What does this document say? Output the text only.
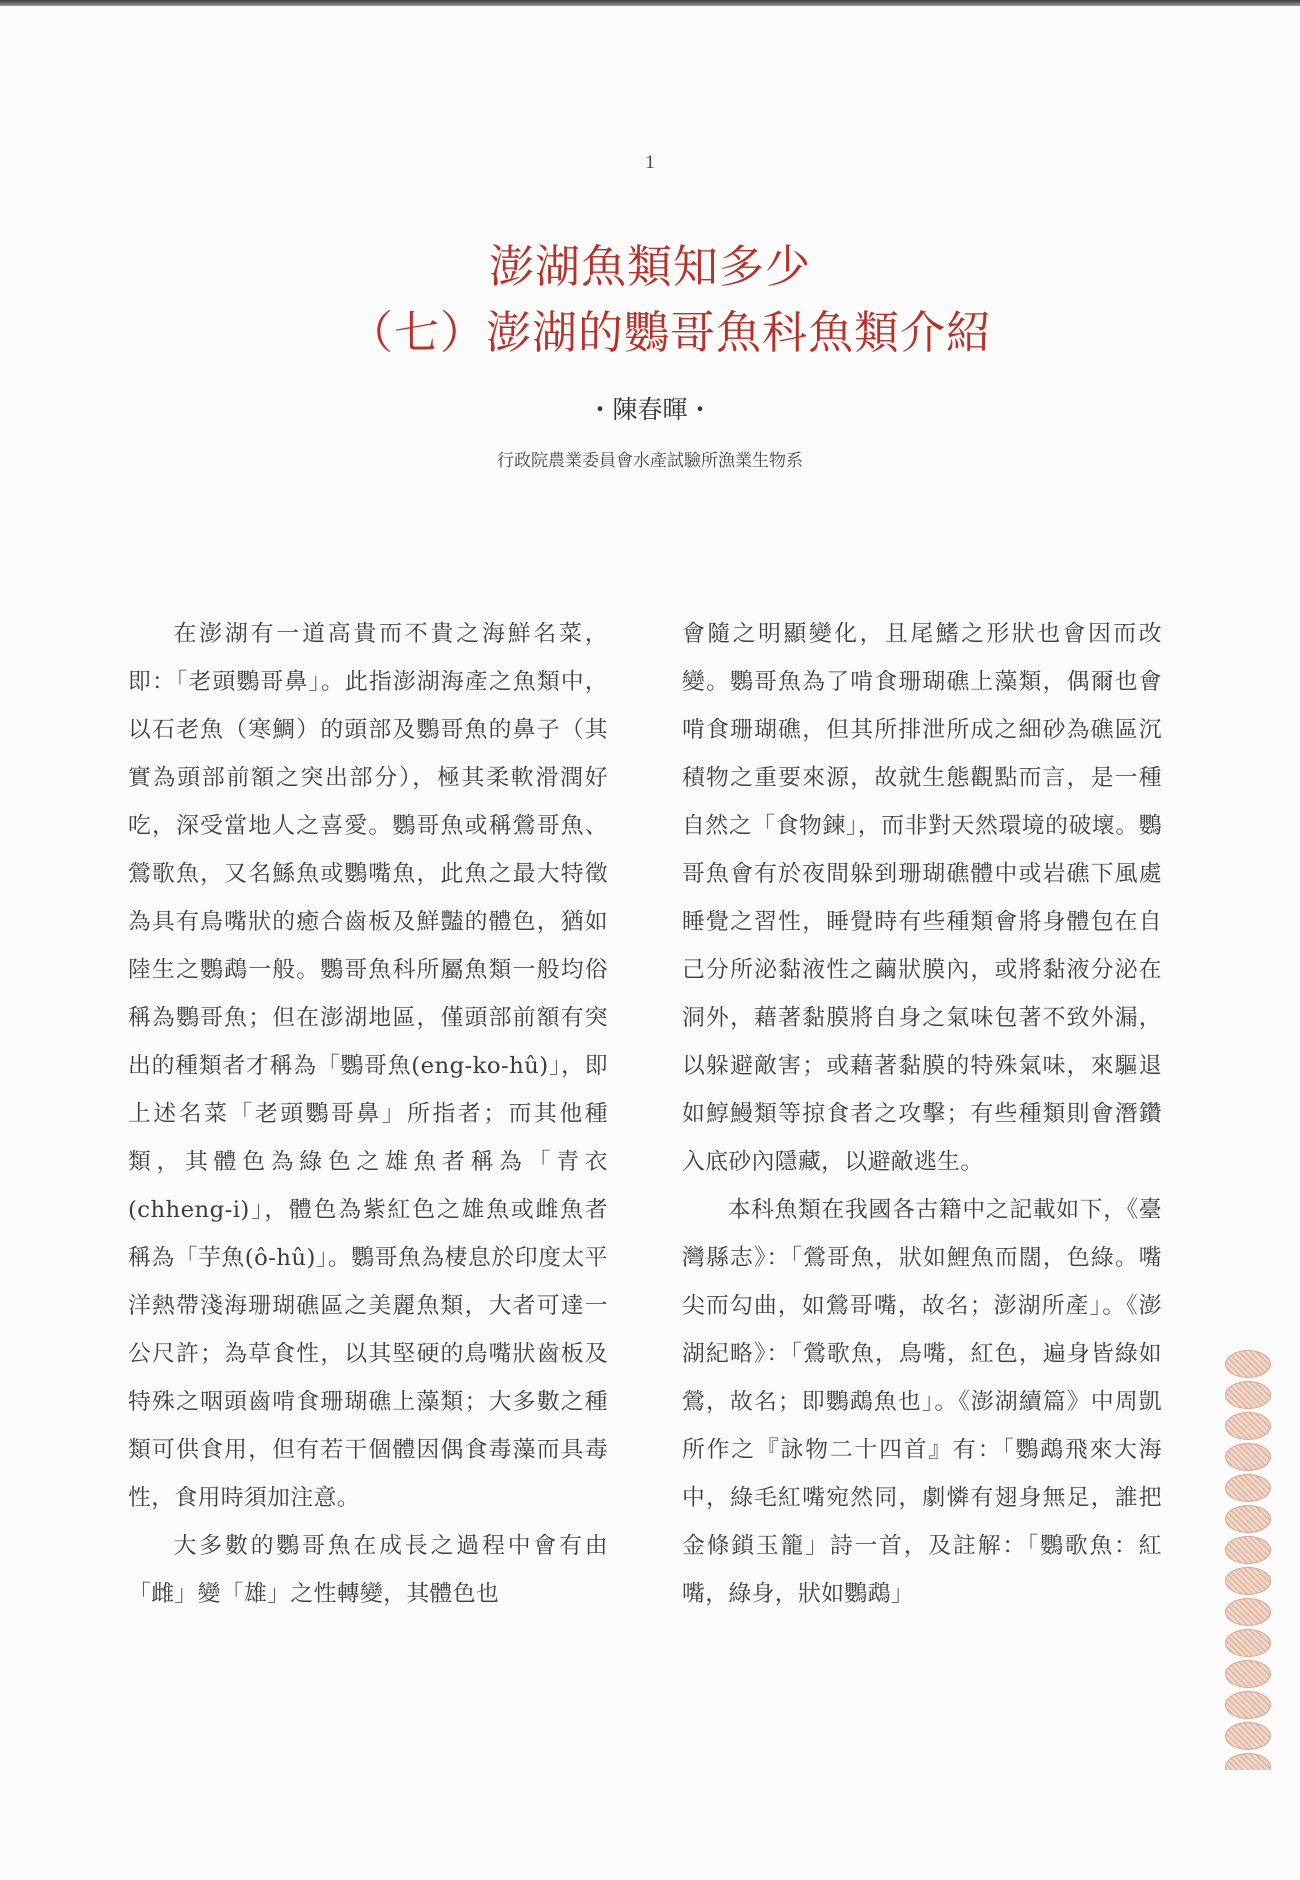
1
澎湖魚類知多少
（七）澎湖的鸚哥魚科魚類介紹
・陳春暉・
行政院農業委員會水產試驗所漁業生物系

在澎湖有一道高貴而不貴之海鮮名菜，即：「老頭鸚哥鼻」。此指澎湖海產之魚類中，以石老魚（寒鯛）的頭部及鸚哥魚的鼻子（其實為頭部前額之突出部分），極其柔軟滑潤好吃，深受當地人之喜愛。鸚哥魚或稱鶯哥魚、鶯歌魚，又名鯀魚或鸚嘴魚，此魚之最大特徵為具有鳥嘴狀的癒合齒板及鮮豔的體色，猶如陸生之鸚鵡一般。鸚哥魚科所屬魚類一般均俗稱為鸚哥魚；但在澎湖地區，僅頭部前額有突出的種類者才稱為「鸚哥魚(eng-ko-hû)」，即上述名菜「老頭鸚哥鼻」所指者；而其他種類，其體色為綠色之雄魚者稱為「青衣(chheng-i)」，體色為紫紅色之雄魚或雌魚者稱為「芋魚(ô-hû)」。鸚哥魚為棲息於印度太平洋熱帶淺海珊瑚礁區之美麗魚類，大者可達一公尺許；為草食性，以其堅硬的鳥嘴狀齒板及特殊之咽頭齒啃食珊瑚礁上藻類；大多數之種類可供食用，但有若干個體因偶食毒藻而具毒性，食用時須加注意。

大多數的鸚哥魚在成長之過程中會有由「雌」變「雄」之性轉變，其體色也

會隨之明顯變化，且尾鰭之形狀也會因而改變。鸚哥魚為了啃食珊瑚礁上藻類，偶爾也會啃食珊瑚礁，但其所排泄所成之細砂為礁區沉積物之重要來源，故就生態觀點而言，是一種自然之「食物鍊」，而非對天然環境的破壞。鸚哥魚會有於夜間躲到珊瑚礁體中或岩礁下風處睡覺之習性，睡覺時有些種類會將身體包在自己分所泌黏液性之繭狀膜內，或將黏液分泌在洞外，藉著黏膜將自身之氣味包著不致外漏，以躲避敵害；或藉著黏膜的特殊氣味，來驅退如鯙鰻類等掠食者之攻擊；有些種類則會潛鑽入底砂內隱藏，以避敵逃生。

本科魚類在我國各古籍中之記載如下，《臺灣縣志》：「鶯哥魚，狀如鯉魚而闊，色綠。嘴尖而勾曲，如鶯哥嘴，故名；澎湖所產」。《澎湖紀略》：「鶯歌魚，鳥嘴，紅色，遍身皆綠如鶯，故名；即鸚鵡魚也」。《澎湖續篇》中周凱所作之『詠物二十四首』有：「鸚鵡飛來大海中，綠毛紅嘴宛然同，劇憐有翅身無足，誰把金條鎖玉籠」詩一首，及註解：「鸚歌魚：紅嘴，綠身，狀如鸚鵡」
